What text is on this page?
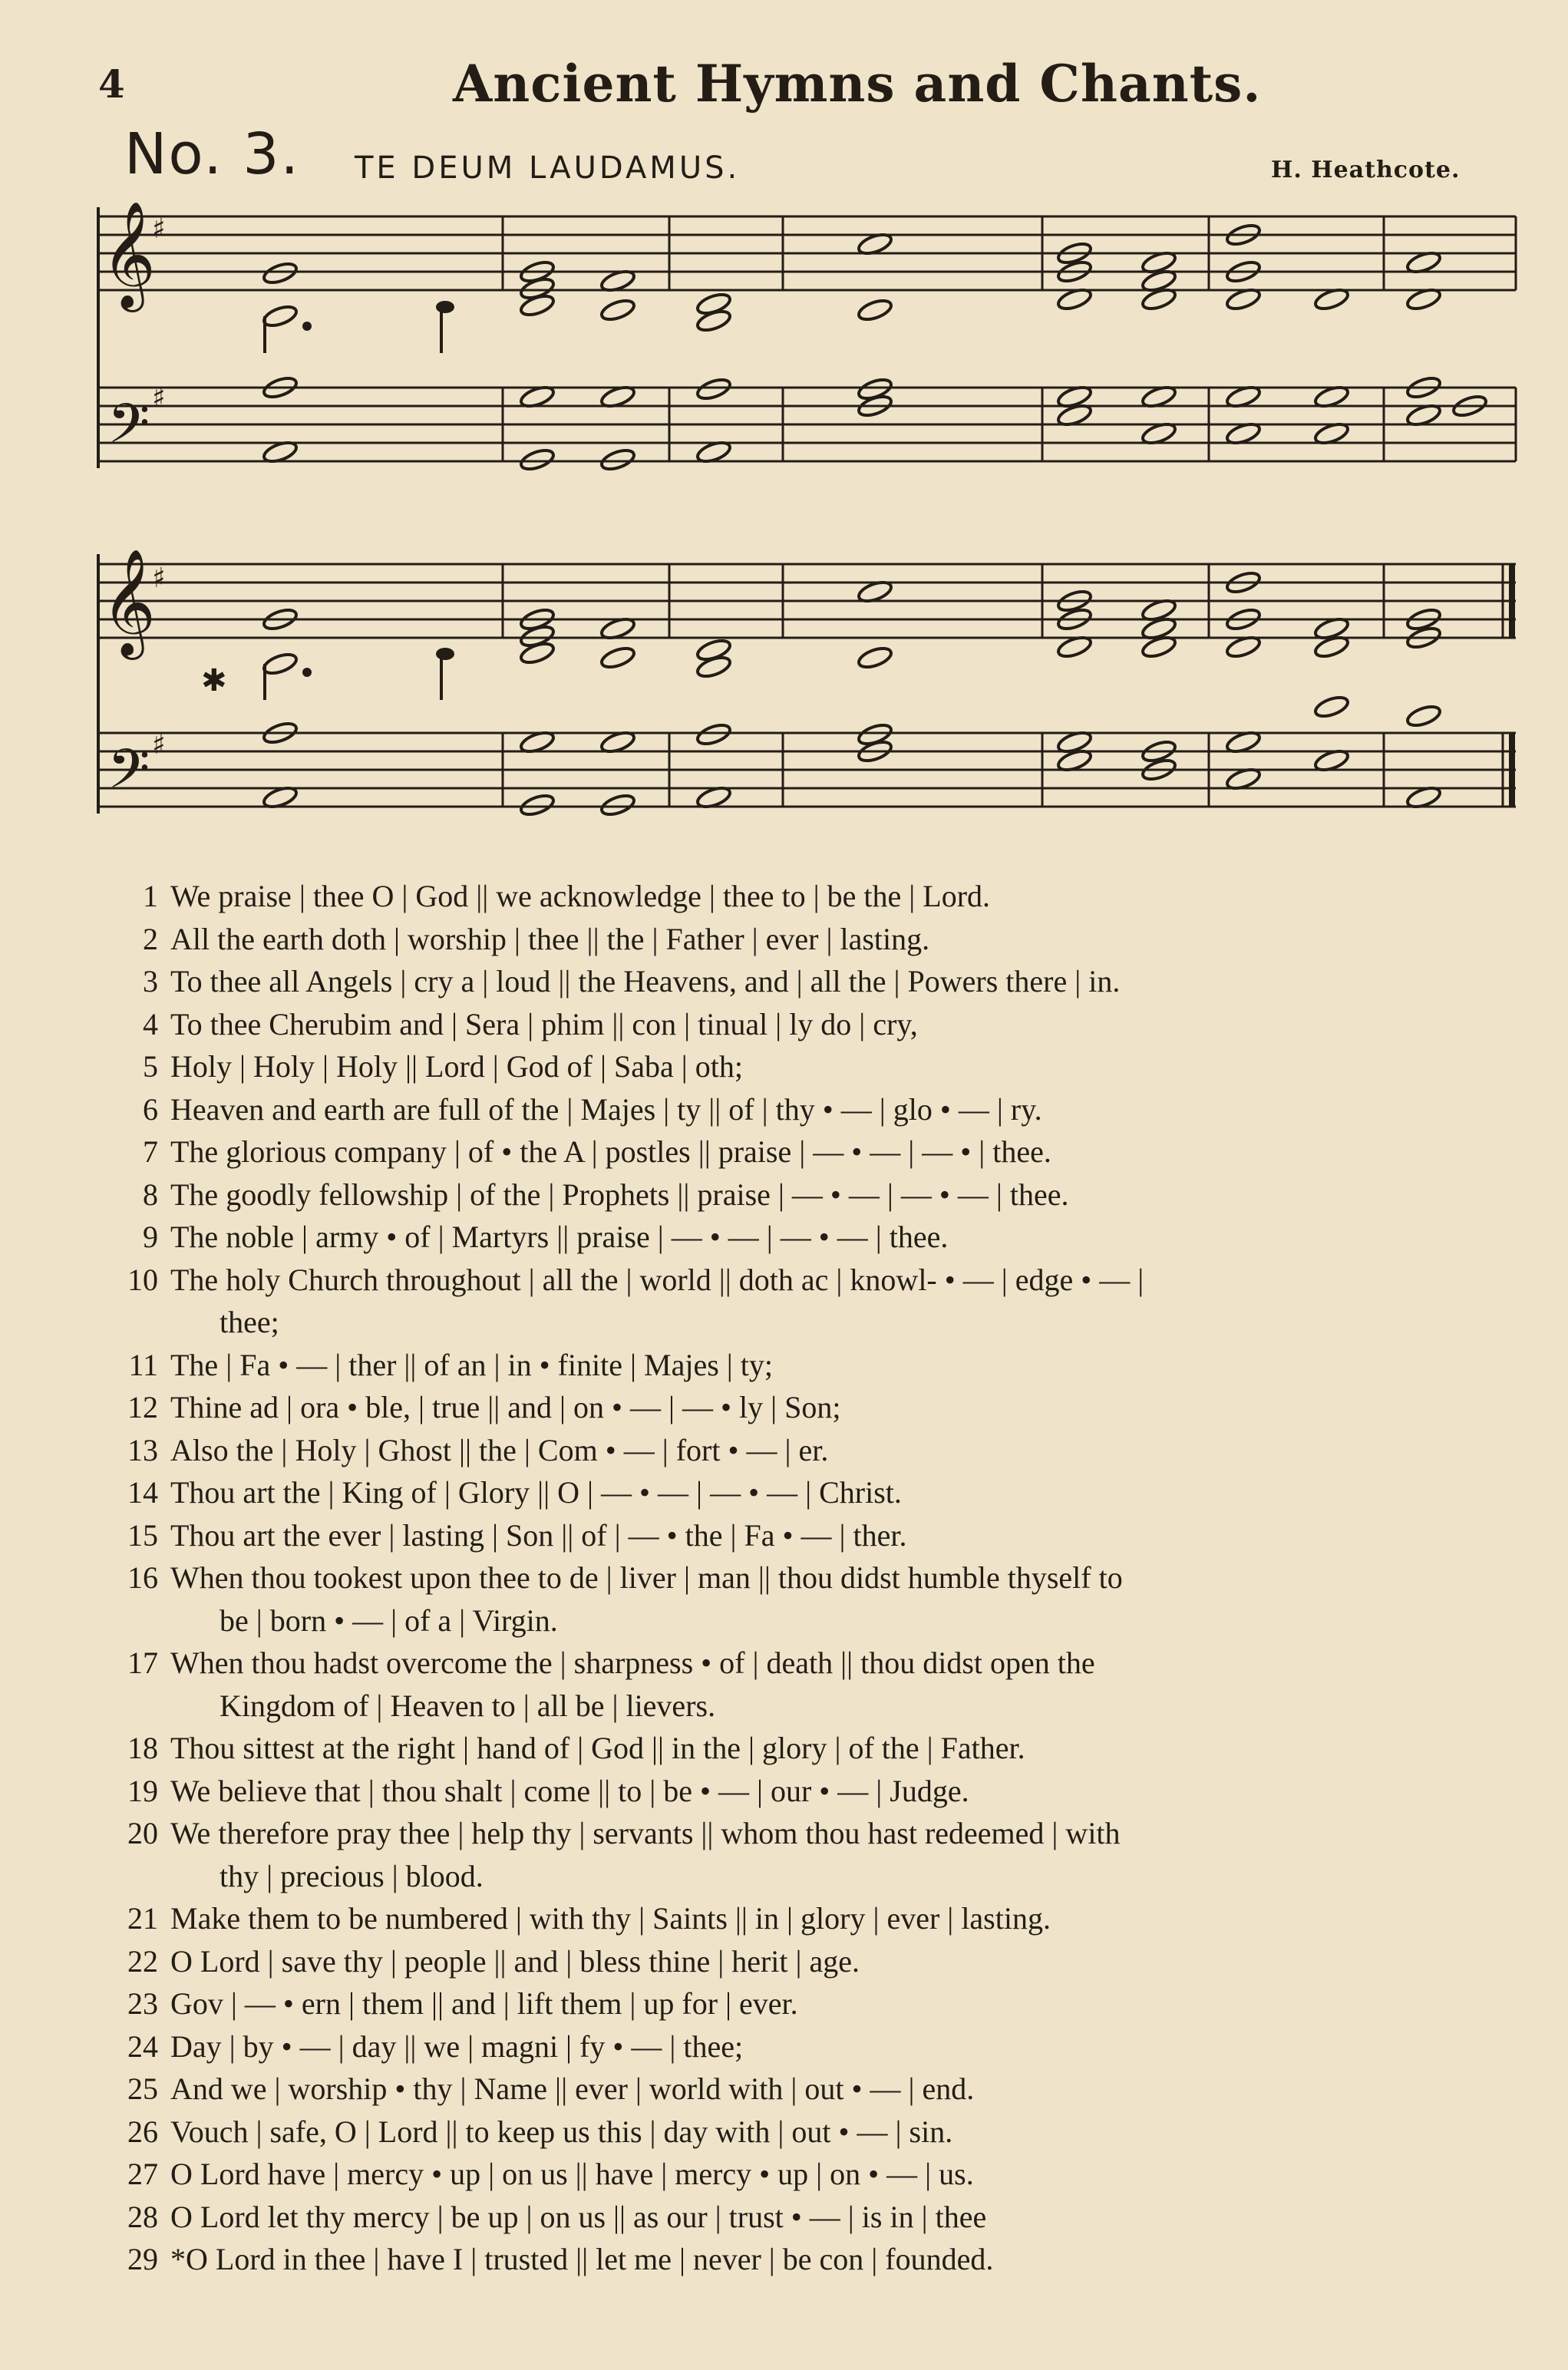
4	Ancient Hymns and Chants.
No. 3. TE DEUM LAUDAMUS.	H. Heathcote.
𝄞
𝄢
𝄞
𝄢
♯
♯
♯
♯
✱
1 We praise | thee O | God || we acknowledge | thee to | be the | Lord.
2 All the earth doth | worship | thee || the | Father | ever | lasting.
3 To thee all Angels | cry a | loud || the Heavens, and | all the | Powers there | in.
4 To thee Cherubim and | Sera | phim || con | tinual | ly do | cry,
5 Holy | Holy | Holy || Lord | God of | Saba | oth;
6 Heaven and earth are full of the | Majes | ty || of | thy • — | glo • — | ry.
7 The glorious company | of • the A | postles || praise | — • — | — • | thee.
8 The goodly fellowship | of the | Prophets || praise | — • — | — • — | thee.
9 The noble | army • of | Martyrs || praise | — • — | — • — | thee.
10 The holy Church throughout | all the | world || doth ac | knowl- • — | edge • — |
thee;
11 The | Fa • — | ther || of an | in • finite | Majes | ty;
12 Thine ad | ora • ble, | true || and | on • — | — • ly | Son;
13 Also the | Holy | Ghost || the | Com • — | fort • — | er.
14 Thou art the | King of | Glory || O | — • — | — • — | Christ.
15 Thou art the ever | lasting | Son || of | — • the | Fa • — | ther.
16 When thou tookest upon thee to de | liver | man || thou didst humble thyself to
be | born • — | of a | Virgin.
17 When thou hadst overcome the | sharpness • of | death || thou didst open the
Kingdom of | Heaven to | all be | lievers.
18 Thou sittest at the right | hand of | God || in the | glory | of the | Father.
19 We believe that | thou shalt | come || to | be • — | our • — | Judge.
20 We therefore pray thee | help thy | servants || whom thou hast redeemed | with
thy | precious | blood.
21 Make them to be numbered | with thy | Saints || in | glory | ever | lasting.
22 O Lord | save thy | people || and | bless thine | herit | age.
23 Gov | — • ern | them || and | lift them | up for | ever.
24 Day | by • — | day || we | magni | fy • — | thee;
25 And we | worship • thy | Name || ever | world with | out • — | end.
26 Vouch | safe, O | Lord || to keep us this | day with | out • — | sin.
27 O Lord have | mercy • up | on us || have | mercy • up | on • — | us.
28 O Lord let thy mercy | be up | on us || as our | trust • — | is in | thee
29 *O Lord in thee | have I | trusted || let me | never | be con | founded.
